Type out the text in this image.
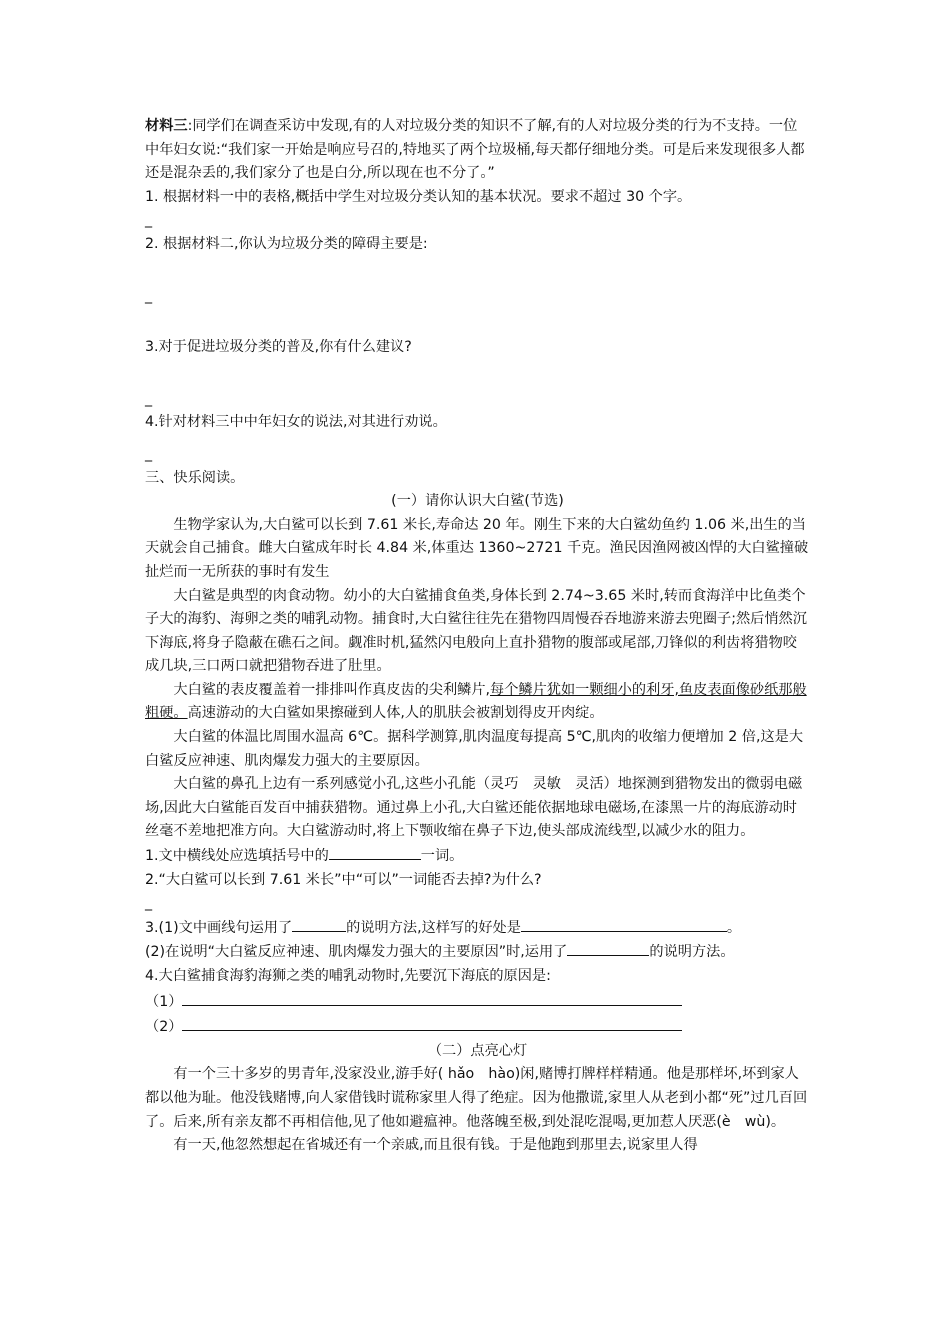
材料三:同学们在调查采访中发现,有的人对垃圾分类的知识不了解,有的人对垃圾分类的行为不支持。一位中年妇女说:“我们家一开始是响应号召的,特地买了两个垃圾桶,每天都仔细地分类。可是后来发现很多人都还是混杂丢的,我们家分了也是白分,所以现在也不分了。”

1. 根据材料一中的表格,概括中学生对垃圾分类认知的基本状况。要求不超过 30 个字。

_

2. 根据材料二,你认为垃圾分类的障碍主要是:

_

3.对于促进垃圾分类的普及,你有什么建议?

_

4.针对材料三中中年妇女的说法,对其进行劝说。

_

三、快乐阅读。

(一）请你认识大白鲨(节选)

生物学家认为,大白鲨可以长到 7.61 米长,寿命达 20 年。刚生下来的大白鲨幼鱼约 1.06 米,出生的当天就会自己捕食。雌大白鲨成年时长 4.84 米,体重达 1360~2721 千克。渔民因渔网被凶悍的大白鲨撞破扯烂而一无所获的事时有发生

大白鲨是典型的肉食动物。幼小的大白鲨捕食鱼类,身体长到 2.74~3.65 米时,转而食海洋中比鱼类个子大的海豹、海卵之类的哺乳动物。捕食时,大白鲨往往先在猎物四周慢吞吞地游来游去兜圈子;然后悄然沉下海底,将身子隐蔽在礁石之间。觑准时机,猛然闪电般向上直扑猎物的腹部或尾部,刀锋似的利齿将猎物咬成几块,三口两口就把猎物吞进了肚里。

大白鲨的表皮覆盖着一排排叫作真皮齿的尖利鳞片,每个鳞片犹如一颗细小的利牙,鱼皮表面像砂纸那般粗硬。高速游动的大白鲨如果擦碰到人体,人的肌肤会被割划得皮开肉绽。

大白鲨的体温比周围水温高 6℃。据科学测算,肌肉温度每提高 5℃,肌肉的收缩力便增加 2 倍,这是大白鲨反应神速、肌肉爆发力强大的主要原因。

大白鲨的鼻孔上边有一系列感觉小孔,这些小孔能（灵巧　灵敏　灵活）地探测到猎物发出的微弱电磁场,因此大白鲨能百发百中捕获猎物。通过鼻上小孔,大白鲨还能依据地球电磁场,在漆黑一片的海底游动时丝毫不差地把准方向。大白鲨游动时,将上下颚收缩在鼻子下边,使头部成流线型,以减少水的阻力。

1.文中横线处应选填括号中的	一词。

2.“大白鲨可以长到 7.61 米长”中“可以”一词能否去掉?为什么?

_

3.(1)文中画线句运用了	的说明方法,这样写的好处是	。

(2)在说明“大白鲨反应神速、肌肉爆发力强大的主要原因”时,运用了	的说明方法。

4.大白鲨捕食海豹海狮之类的哺乳动物时,先要沉下海底的原因是:

（1）

（2）

（二）点亮心灯

有一个三十多岁的男青年,没家没业,游手好( hǎo　hào)闲,赌博打牌样样精通。他是那样坏,坏到家人都以他为耻。他没钱赌博,向人家借钱时谎称家里人得了绝症。因为他撒谎,家里人从老到小都“死”过几百回了。后来,所有亲友都不再相信他,见了他如避瘟神。他落魄至极,到处混吃混喝,更加惹人厌恶(è　wù)。

有一天,他忽然想起在省城还有一个亲戚,而且很有钱。于是他跑到那里去,说家里人得
